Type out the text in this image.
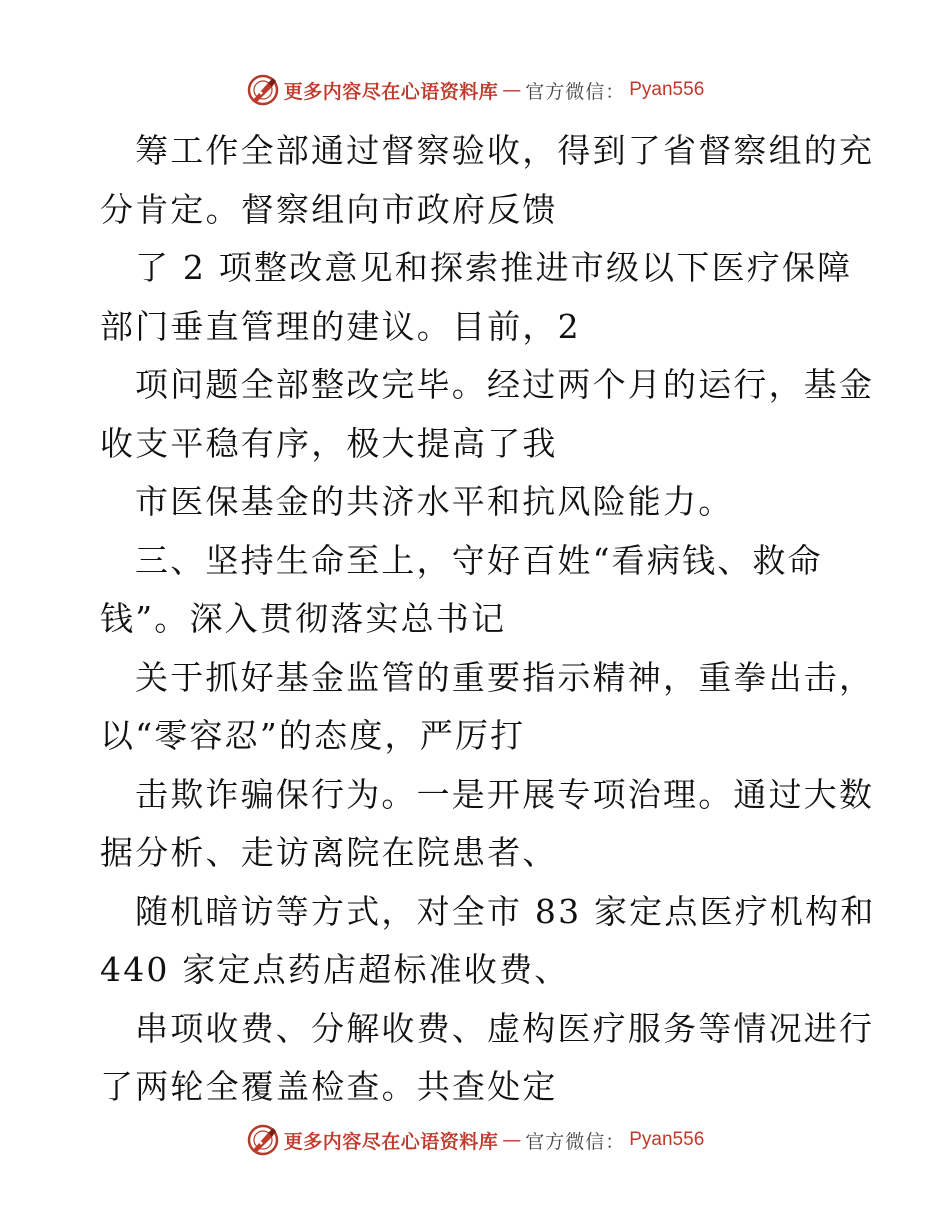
更多内容尽在心语资料库 — 官方微信： Pyan556
筹工作全部通过督察验收，得到了省督察组的充
分肯定。督察组向市政府反馈
了 2 项整改意见和探索推进市级以下医疗保障
部门垂直管理的建议。目前，2
项问题全部整改完毕。经过两个月的运行，基金
收支平稳有序，极大提高了我
市医保基金的共济水平和抗风险能力。
三、坚持生命至上，守好百姓“看病钱、救命
钱”。深入贯彻落实总书记
关于抓好基金监管的重要指示精神，重拳出击，
以“零容忍”的态度，严厉打
击欺诈骗保行为。一是开展专项治理。通过大数
据分析、走访离院在院患者、
随机暗访等方式，对全市 83 家定点医疗机构和
440 家定点药店超标准收费、
串项收费、分解收费、虚构医疗服务等情况进行
了两轮全覆盖检查。共查处定
更多内容尽在心语资料库 — 官方微信： Pyan556
